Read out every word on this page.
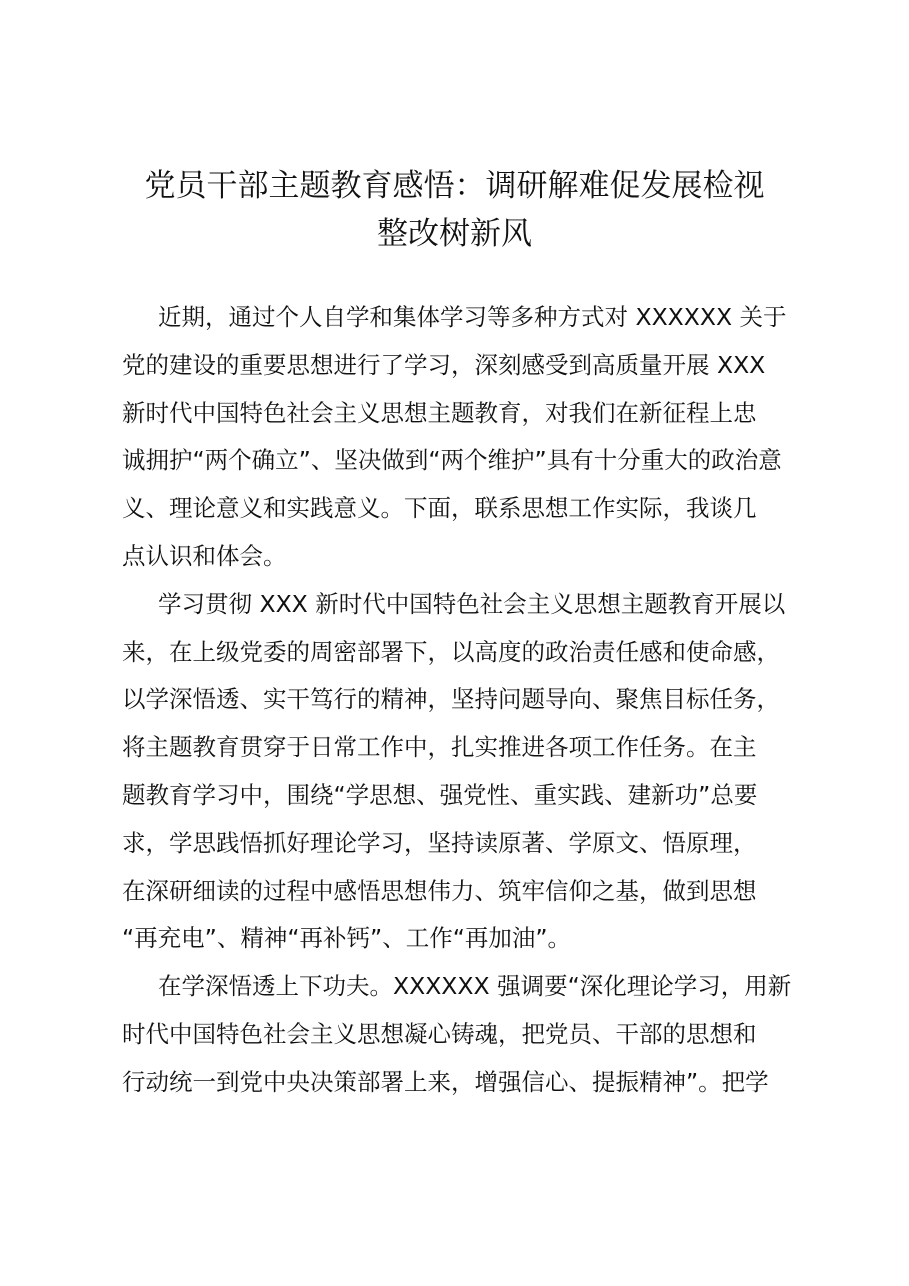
党员干部主题教育感悟：调研解难促发展检视
整改树新风
近期，通过个人自学和集体学习等多种方式对 XXXXXX 关于
党的建设的重要思想进行了学习，深刻感受到高质量开展 XXX
新时代中国特色社会主义思想主题教育，对我们在新征程上忠
诚拥护“两个确立”、坚决做到“两个维护”具有十分重大的政治意
义、理论意义和实践意义。下面，联系思想工作实际，我谈几
点认识和体会。
学习贯彻 XXX 新时代中国特色社会主义思想主题教育开展以
来，在上级党委的周密部署下，以高度的政治责任感和使命感，
以学深悟透、实干笃行的精神，坚持问题导向、聚焦目标任务，
将主题教育贯穿于日常工作中，扎实推进各项工作任务。在主
题教育学习中，围绕“学思想、强党性、重实践、建新功”总要
求，学思践悟抓好理论学习，坚持读原著、学原文、悟原理，
在深研细读的过程中感悟思想伟力、筑牢信仰之基，做到思想
“再充电”、精神“再补钙”、工作“再加油”。
在学深悟透上下功夫。XXXXXX 强调要“深化理论学习，用新
时代中国特色社会主义思想凝心铸魂，把党员、干部的思想和
行动统一到党中央决策部署上来，增强信心、提振精神”。把学
